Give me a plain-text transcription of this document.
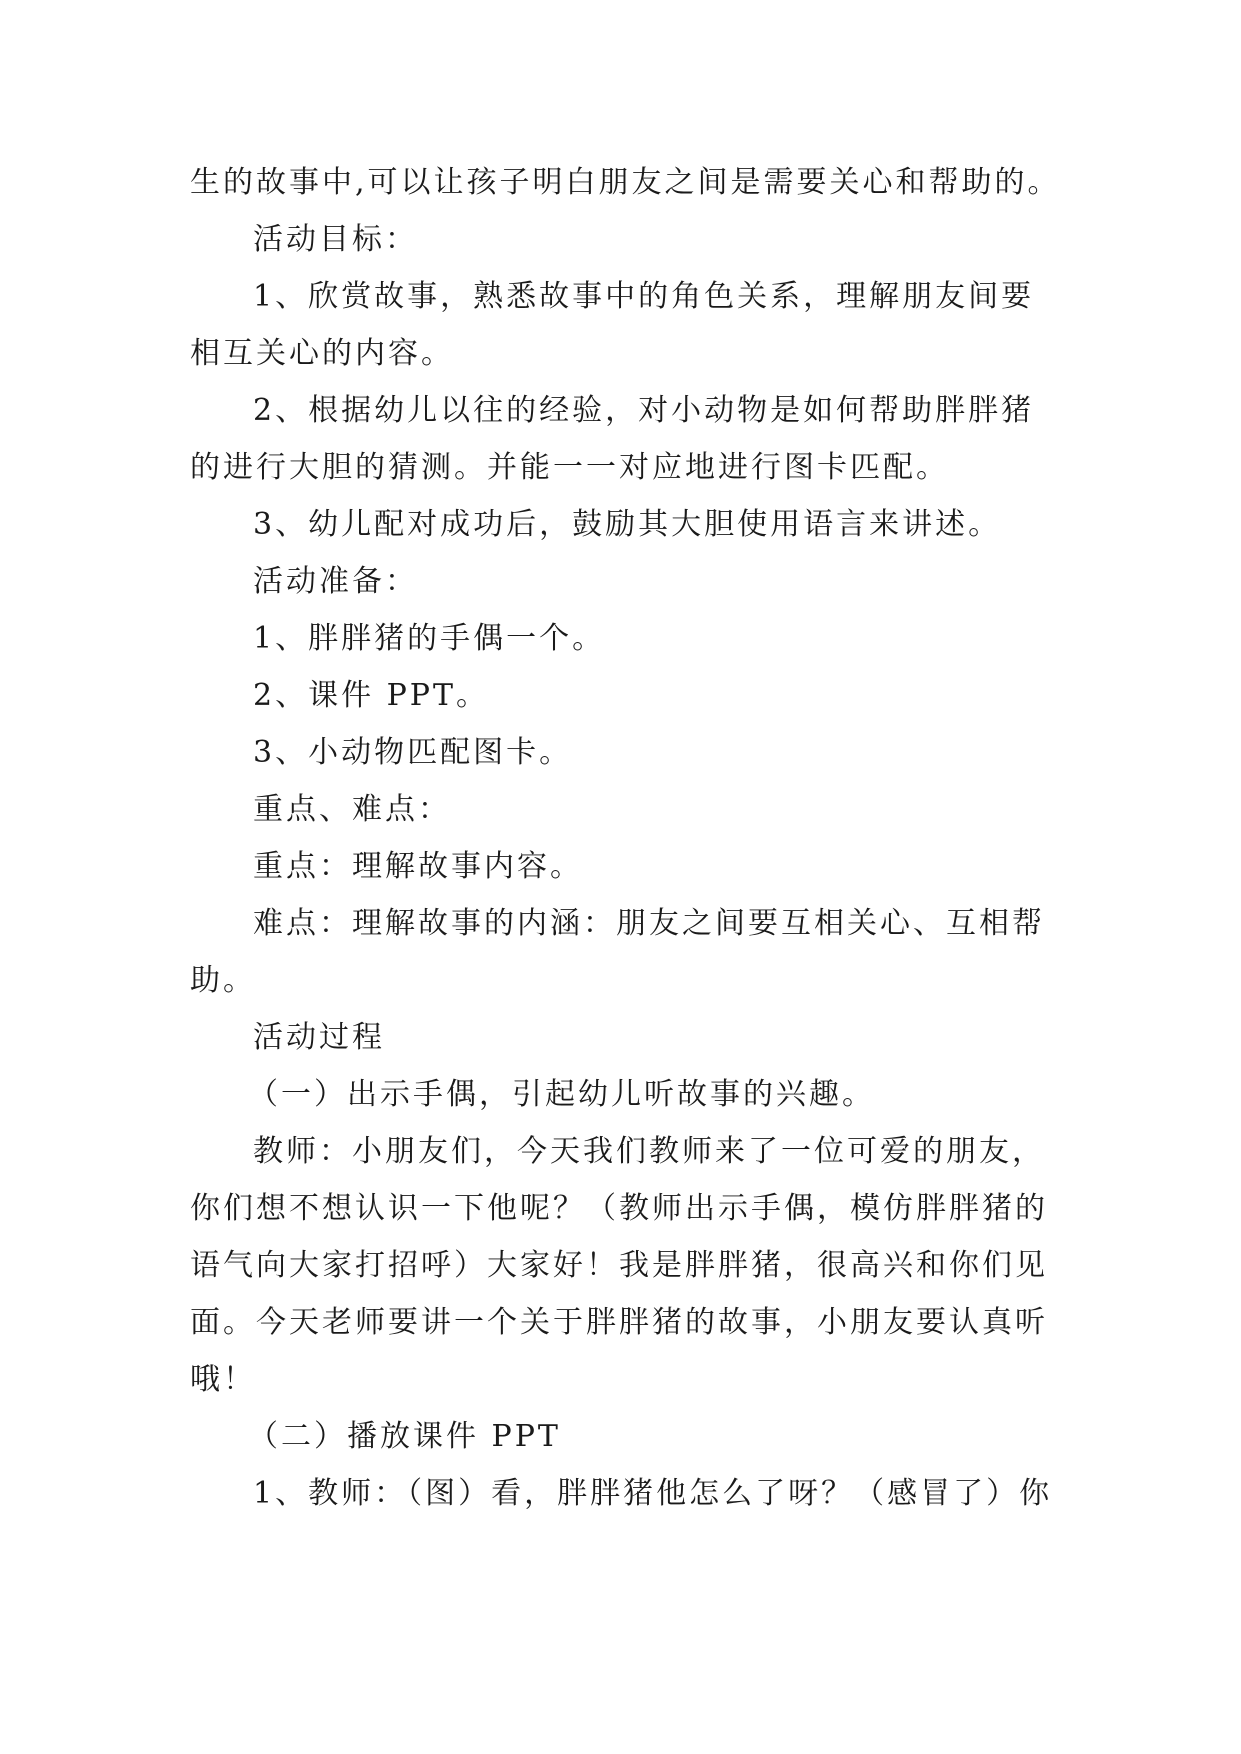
生的故事中,可以让孩子明白朋友之间是需要关心和帮助的。
活动目标：
1、欣赏故事，熟悉故事中的角色关系，理解朋友间要
相互关心的内容。
2、根据幼儿以往的经验，对小动物是如何帮助胖胖猪
的进行大胆的猜测。并能一一对应地进行图卡匹配。
3、幼儿配对成功后，鼓励其大胆使用语言来讲述。
活动准备：
1、胖胖猪的手偶一个。
2、课件 PPT。
3、小动物匹配图卡。
重点、难点：
重点：理解故事内容。
难点：理解故事的内涵：朋友之间要互相关心、互相帮
助。
活动过程
（一）出示手偶，引起幼儿听故事的兴趣。
教师：小朋友们，今天我们教师来了一位可爱的朋友，
你们想不想认识一下他呢？（教师出示手偶，模仿胖胖猪的
语气向大家打招呼）大家好！我是胖胖猪，很高兴和你们见
面。今天老师要讲一个关于胖胖猪的故事，小朋友要认真听
哦！
（二）播放课件 PPT
1、教师：（图）看，胖胖猪他怎么了呀？（感冒了）你
